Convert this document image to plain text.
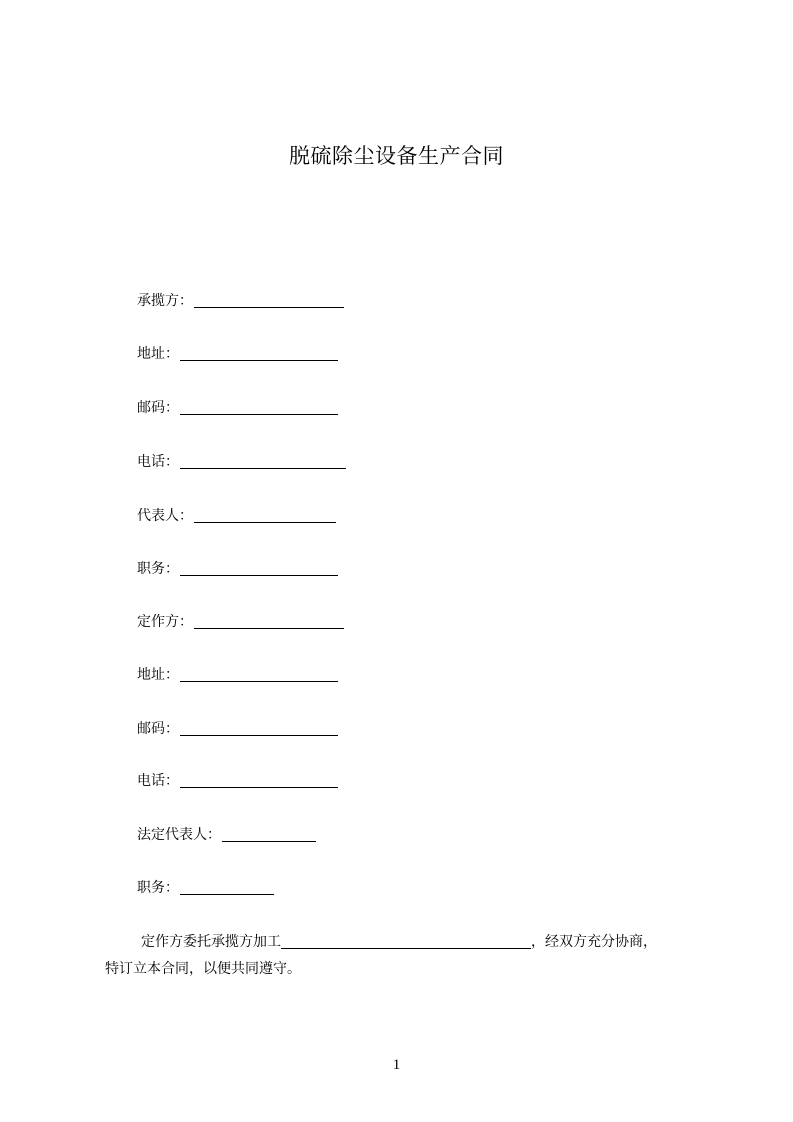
脱硫除尘设备生产合同
承揽方：
地址：
邮码：
电话：
代表人：
职务：
定作方：
地址：
邮码：
电话：
法定代表人：
职务：
定作方委托承揽方加工	，经双方充分协商，
特订立本合同，以便共同遵守。
1
